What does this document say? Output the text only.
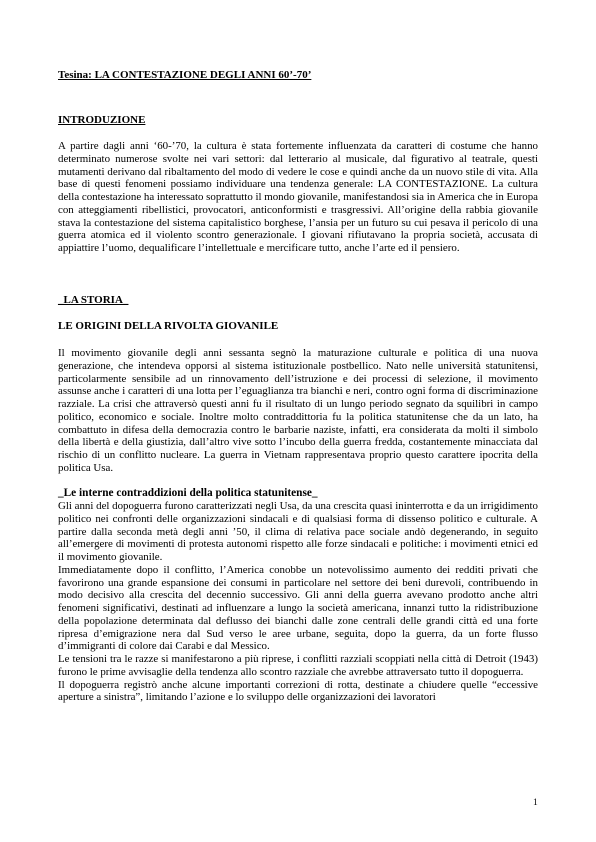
Tesina: LA CONTESTAZIONE DEGLI ANNI 60’-70’

INTRODUZIONE

A partire dagli anni ‘60-’70, la cultura è stata fortemente influenzata da caratteri di costume che hanno determinato numerose svolte nei vari settori: dal letterario al musicale, dal figurativo al teatrale, questi mutamenti derivano dal ribaltamento del modo di vedere le cose e quindi anche da un nuovo stile di vita. Alla base di questi fenomeni possiamo individuare una tendenza generale: LA CONTESTAZIONE. La cultura della contestazione ha interessato soprattutto il mondo giovanile, manifestandosi sia in America che in Europa con atteggiamenti ribellistici, provocatori, anticonformisti e trasgressivi. All’origine della rabbia giovanile stava la contestazione del sistema capitalistico borghese, l’ansia per un futuro su cui pesava il pericolo di una guerra atomica ed il violento scontro generazionale. I giovani rifiutavano la propria società, accusata di appiattire l’uomo, dequalificare l’intellettuale e mercificare tutto, anche l’arte ed il pensiero.

_LA STORIA_

LE ORIGINI DELLA RIVOLTA GIOVANILE

Il movimento giovanile degli anni sessanta segnò la maturazione culturale e politica di una nuova generazione, che intendeva opporsi al sistema istituzionale postbellico. Nato nelle università statunitensi, particolarmente sensibile ad un rinnovamento dell’istruzione e dei processi di selezione, il movimento assunse anche i caratteri di una lotta per l’eguaglianza tra bianchi e neri, contro ogni forma di discriminazione razziale. La crisi che attraversò questi anni fu il risultato di un lungo periodo segnato da squilibri in campo politico, economico e sociale. Inoltre molto contraddittoria fu la politica statunitense che da un lato, ha combattuto in difesa della democrazia contro le barbarie naziste, infatti, era considerata da molti il simbolo della libertà e della giustizia, dall’altro vive sotto l’incubo della guerra fredda, costantemente minacciata dal rischio di un conflitto nucleare. La guerra in Vietnam rappresentava proprio questo carattere ipocrita della politica Usa.

_Le interne contraddizioni della politica statunitense_

Gli anni del dopoguerra furono caratterizzati negli Usa, da una crescita quasi ininterrotta e da un irrigidimento politico nei confronti delle organizzazioni sindacali e di qualsiasi forma di dissenso politico e culturale. A partire dalla seconda metà degli anni ’50, il clima di relativa pace sociale andò degenerando, in seguito all’emergere di movimenti di protesta autonomi rispetto alle forze sindacali e politiche: i movimenti etnici ed il movimento giovanile.

Immediatamente dopo il conflitto, l’America conobbe un notevolissimo aumento dei redditi privati che favorirono una grande espansione dei consumi in particolare nel settore dei beni durevoli, contribuendo in modo decisivo alla crescita del decennio successivo. Gli anni della guerra avevano prodotto anche altri fenomeni significativi, destinati ad influenzare a lungo la società americana, innanzi tutto la ridistribuzione della popolazione determinata dal deflusso dei bianchi dalle zone centrali delle grandi città ed una forte ripresa d’emigrazione nera dal Sud verso le aree urbane, seguita, dopo la guerra, da un forte flusso d’immigranti di colore dai Carabi e dal Messico.

Le tensioni tra le razze si manifestarono a più riprese, i conflitti razziali scoppiati nella città di Detroit (1943) furono le prime avvisaglie della tendenza allo scontro razziale che avrebbe attraversato tutto il dopoguerra.

Il dopoguerra registrò anche alcune importanti correzioni di rotta, destinate a chiudere quelle “eccessive aperture a sinistra”, limitando l’azione e lo sviluppo delle organizzazioni dei lavoratori

1
